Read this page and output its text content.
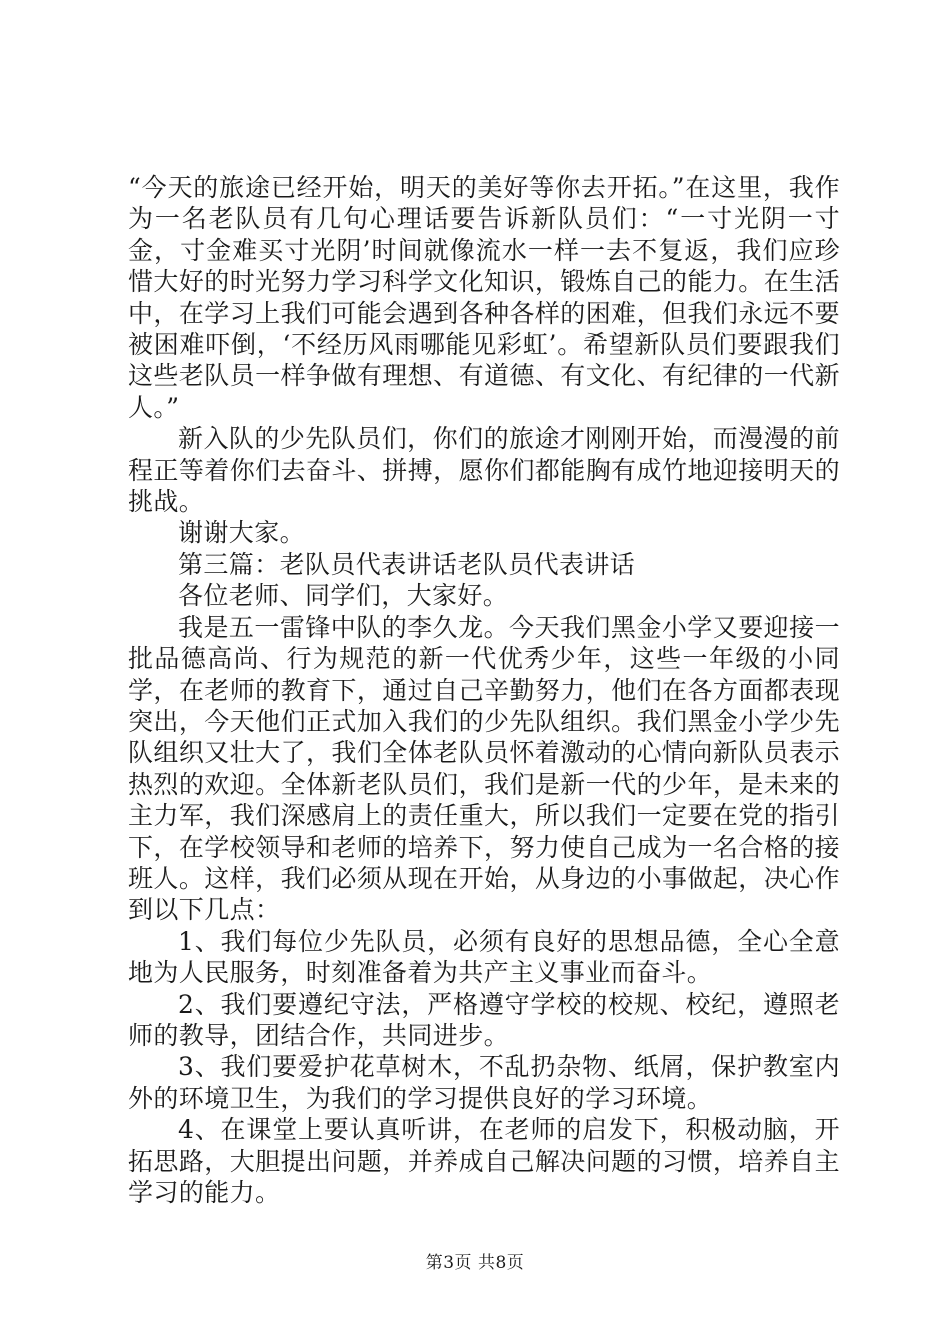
“今天的旅途已经开始，明天的美好等你去开拓。”在这里，我作为一名老队员有几句心理话要告诉新队员们：“一寸光阴一寸金，寸金难买寸光阴’时间就像流水一样一去不复返，我们应珍惜大好的时光努力学习科学文化知识，锻炼自己的能力。在生活中，在学习上我们可能会遇到各种各样的困难，但我们永远不要被困难吓倒，‘不经历风雨哪能见彩虹’。希望新队员们要跟我们这些老队员一样争做有理想、有道德、有文化、有纪律的一代新人。”

新入队的少先队员们，你们的旅途才刚刚开始，而漫漫的前程正等着你们去奋斗、拼搏，愿你们都能胸有成竹地迎接明天的挑战。

谢谢大家。

第三篇：老队员代表讲话老队员代表讲话

各位老师、同学们，大家好。

我是五一雷锋中队的李久龙。今天我们黑金小学又要迎接一批品德高尚、行为规范的新一代优秀少年，这些一年级的小同学，在老师的教育下，通过自己辛勤努力，他们在各方面都表现突出，今天他们正式加入我们的少先队组织。我们黑金小学少先队组织又壮大了，我们全体老队员怀着激动的心情向新队员表示热烈的欢迎。全体新老队员们，我们是新一代的少年，是未来的主力军，我们深感肩上的责任重大，所以我们一定要在党的指引下，在学校领导和老师的培养下，努力使自己成为一名合格的接班人。这样，我们必须从现在开始，从身边的小事做起，决心作到以下几点：

1、我们每位少先队员，必须有良好的思想品德，全心全意地为人民服务，时刻准备着为共产主义事业而奋斗。

2、我们要遵纪守法，严格遵守学校的校规、校纪，遵照老师的教导，团结合作，共同进步。

3、我们要爱护花草树木，不乱扔杂物、纸屑，保护教室内外的环境卫生，为我们的学习提供良好的学习环境。

4、在课堂上要认真听讲，在老师的启发下，积极动脑，开拓思路，大胆提出问题，并养成自己解决问题的习惯，培养自主学习的能力。

第3页 共8页
